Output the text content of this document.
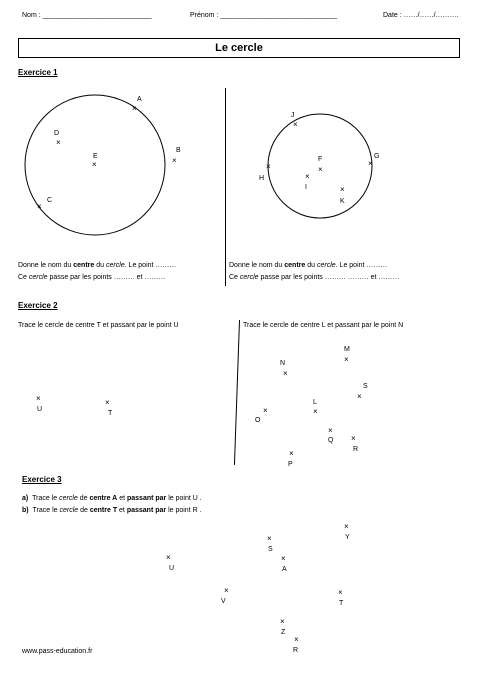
Nom : ____________________________	Prénom : ______________________________	Date : ……/……/……….
Le cercle
Exercice 1
×
A
×
B
×
C
×
D
×
E
×
J
×
F	×
G
×
H	×
I	×
K
Donne le nom du centre du cercle. Le point ………
Ce cercle passe par les points ……… et ………
Donne le nom du centre du cercle. Le point ………
Ce cercle passe par les points ……… ……… et ………
Exercice 2
Trace le cercle de centre T et passant par le point U	Trace le cercle de centre L et passant par le point N
×
U
×
T
×
M
×
N
×
S
×
L
×
O
×
Q ×
R
×
P
Exercice 3
a) Trace le cercle de centre A et passant par le point U .
b) Trace le cercle de centre T et passant par le point R .
×
Y
×
S
×
U
×
A
×
V
×
T
×
Z
×
R
www.pass-education.fr
